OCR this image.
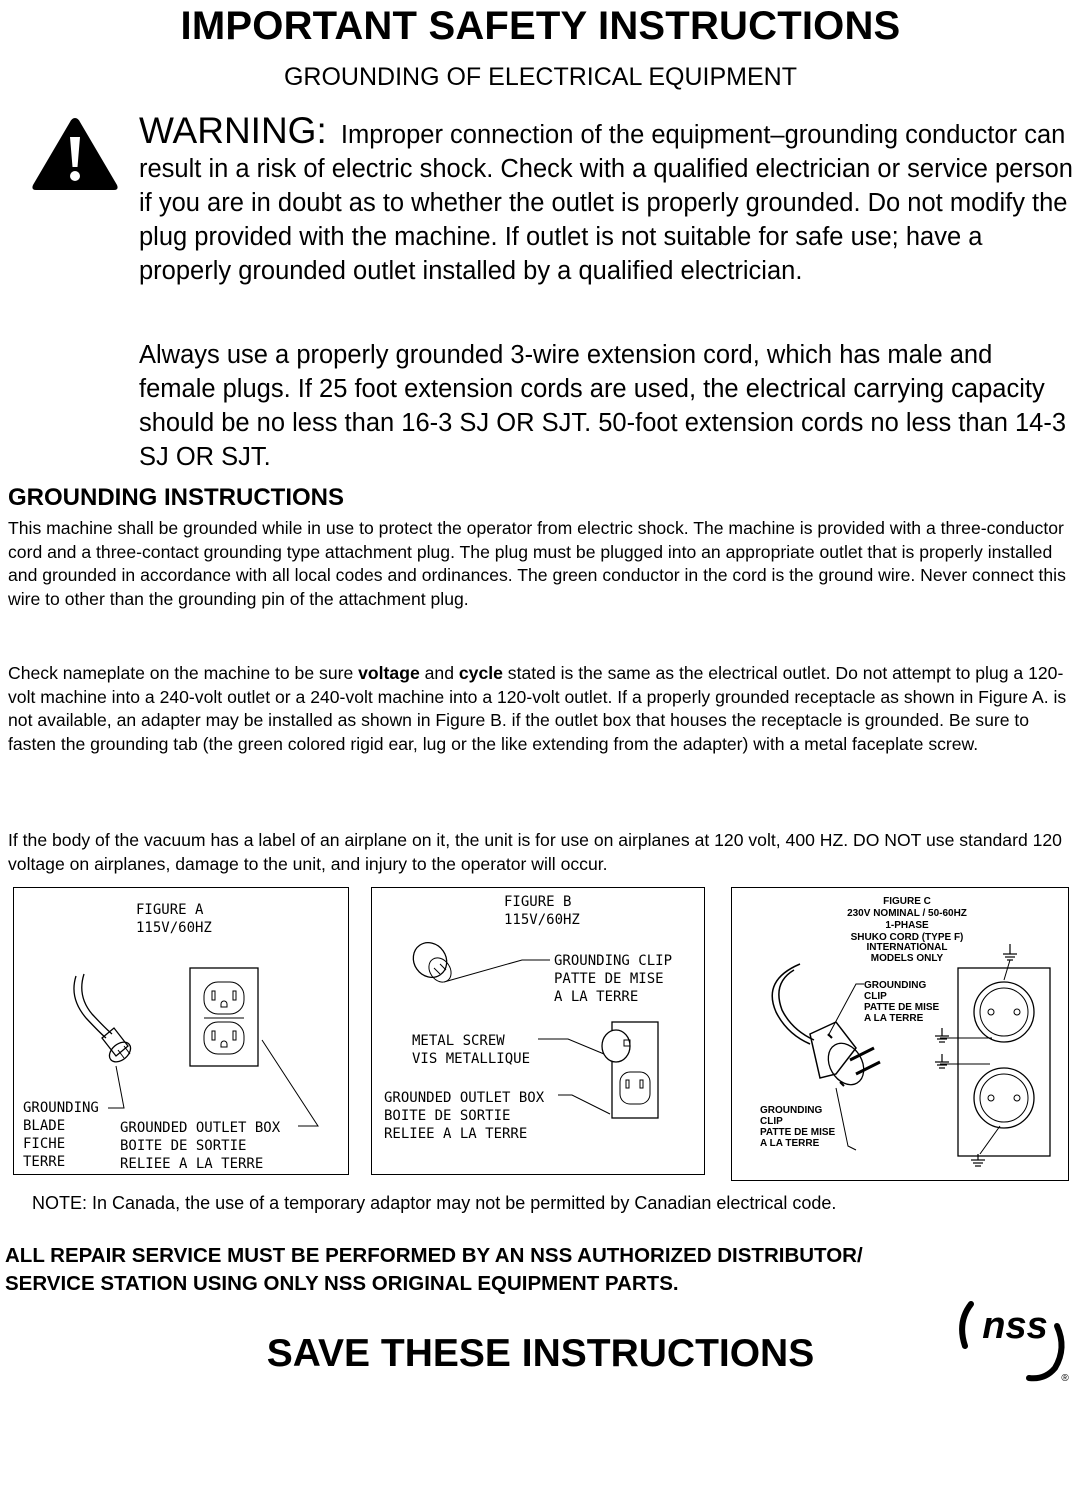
IMPORTANT SAFETY INSTRUCTIONS
GROUNDING OF ELECTRICAL EQUIPMENT
WARNING: Improper connection of the equipment–grounding conductor can result in a risk of electric shock. Check with a qualified electrician or service person if you are in doubt as to whether the outlet is properly grounded. Do not modify the plug provided with the machine. If outlet is not suitable for safe use; have a properly grounded outlet installed by a qualified electrician.
Always use a properly grounded 3-wire extension cord, which has male and female plugs. If 25 foot extension cords are used, the electrical carrying capacity should be no less than 16-3 SJ OR SJT. 50-foot extension cords no less than 14-3 SJ OR SJT.
GROUNDING INSTRUCTIONS
This machine shall be grounded while in use to protect the operator from electric shock. The machine is provided with a three-conductor cord and a three-contact grounding type attachment plug. The plug must be plugged into an appropriate outlet that is properly installed and grounded in accordance with all local codes and ordinances. The green conductor in the cord is the ground wire. Never connect this wire to other than the grounding pin of the attachment plug.
Check nameplate on the machine to be sure voltage and cycle stated is the same as the electrical outlet. Do not attempt to plug a 120-volt machine into a 240-volt outlet or a 240-volt machine into a 120-volt outlet. If a properly grounded receptacle as shown in Figure A. is not available, an adapter may be installed as shown in Figure B. if the outlet box that houses the receptacle is grounded. Be sure to fasten the grounding tab (the green colored rigid ear, lug or the like extending from the adapter) with a metal faceplate screw.
If the body of the vacuum has a label of an airplane on it, the unit is for use on airplanes at 120 volt, 400 HZ. DO NOT use standard 120 voltage on airplanes, damage to the unit, and injury to the operator will occur.
FIGURE A
115V/60HZ
GROUNDING
BLADE
FICHE
TERRE
GROUNDED OUTLET BOX
BOITE DE SORTIE
RELIEE A LA TERRE
FIGURE B
115V/60HZ
GROUNDING CLIP
PATTE DE MISE
A LA TERRE
METAL SCREW
VIS METALLIQUE
GROUNDED OUTLET BOX
BOITE DE SORTIE
RELIEE A LA TERRE
FIGURE C
230V NOMINAL / 50-60HZ
1-PHASE
SHUKO CORD (TYPE F)
INTERNATIONAL
MODELS ONLY
GROUNDING
CLIP
PATTE DE MISE
A LA TERRE
GROUNDING
CLIP
PATTE DE MISE
A LA TERRE
NOTE: In Canada, the use of a temporary adaptor may not be permitted by Canadian electrical code.
ALL REPAIR SERVICE MUST BE PERFORMED BY AN NSS AUTHORIZED DISTRIBUTOR/
SERVICE STATION USING ONLY NSS ORIGINAL EQUIPMENT PARTS.
SAVE THESE INSTRUCTIONS
nss
®
